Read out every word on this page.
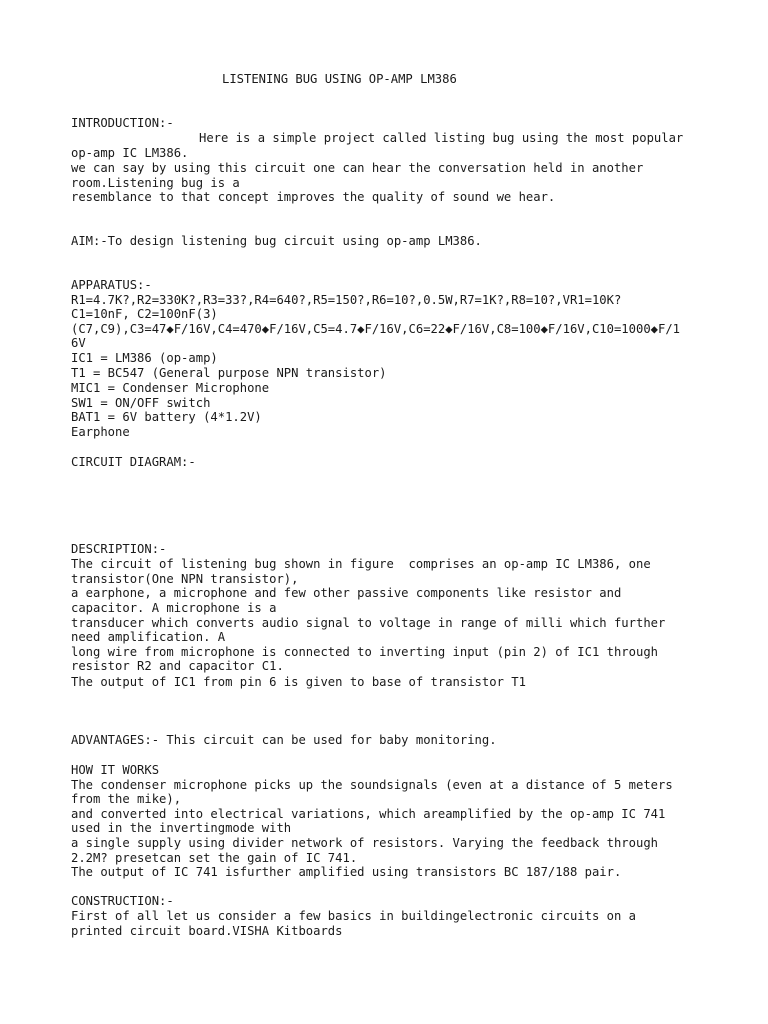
LISTENING BUG USING OP-AMP LM386

INTRODUCTION:-

Here is a simple project called listing bug using the most popular

op-amp IC LM386.

we can say by using this circuit one can hear the conversation held in another

room.Listening bug is a

resemblance to that concept improves the quality of sound we hear.

AIM:-To design listening bug circuit using op-amp LM386.

APPARATUS:-

R1=4.7K?,R2=330K?,R3=33?,R4=640?,R5=150?,R6=10?,0.5W,R7=1K?,R8=10?,VR1=10K?

C1=10nF, C2=100nF(3)

(C7,C9),C3=47◆F/16V,C4=470◆F/16V,C5=4.7◆F/16V,C6=22◆F/16V,C8=100◆F/16V,C10=1000◆F/1

6V

IC1 = LM386 (op-amp)

T1 = BC547 (General purpose NPN transistor)

MIC1 = Condenser Microphone

SW1 = ON/OFF switch

BAT1 = 6V battery (4*1.2V)

Earphone

CIRCUIT DIAGRAM:-

DESCRIPTION:-

The circuit of listening bug shown in figure  comprises an op-amp IC LM386, one

transistor(One NPN transistor),

a earphone, a microphone and few other passive components like resistor and

capacitor. A microphone is a

transducer which converts audio signal to voltage in range of milli which further

need amplification. A

long wire from microphone is connected to inverting input (pin 2) of IC1 through

resistor R2 and capacitor C1.

The output of IC1 from pin 6 is given to base of transistor T1

ADVANTAGES:- This circuit can be used for baby monitoring.

HOW IT WORKS

The condenser microphone picks up the soundsignals (even at a distance of 5 meters

from the mike),

and converted into electrical variations, which areamplified by the op-amp IC 741

used in the invertingmode with

a single supply using divider network of resistors. Varying the feedback through

2.2M? presetcan set the gain of IC 741.

The output of IC 741 isfurther amplified using transistors BC 187/188 pair.

CONSTRUCTION:-

First of all let us consider a few basics in buildingelectronic circuits on a

printed circuit board.VISHA Kitboards
